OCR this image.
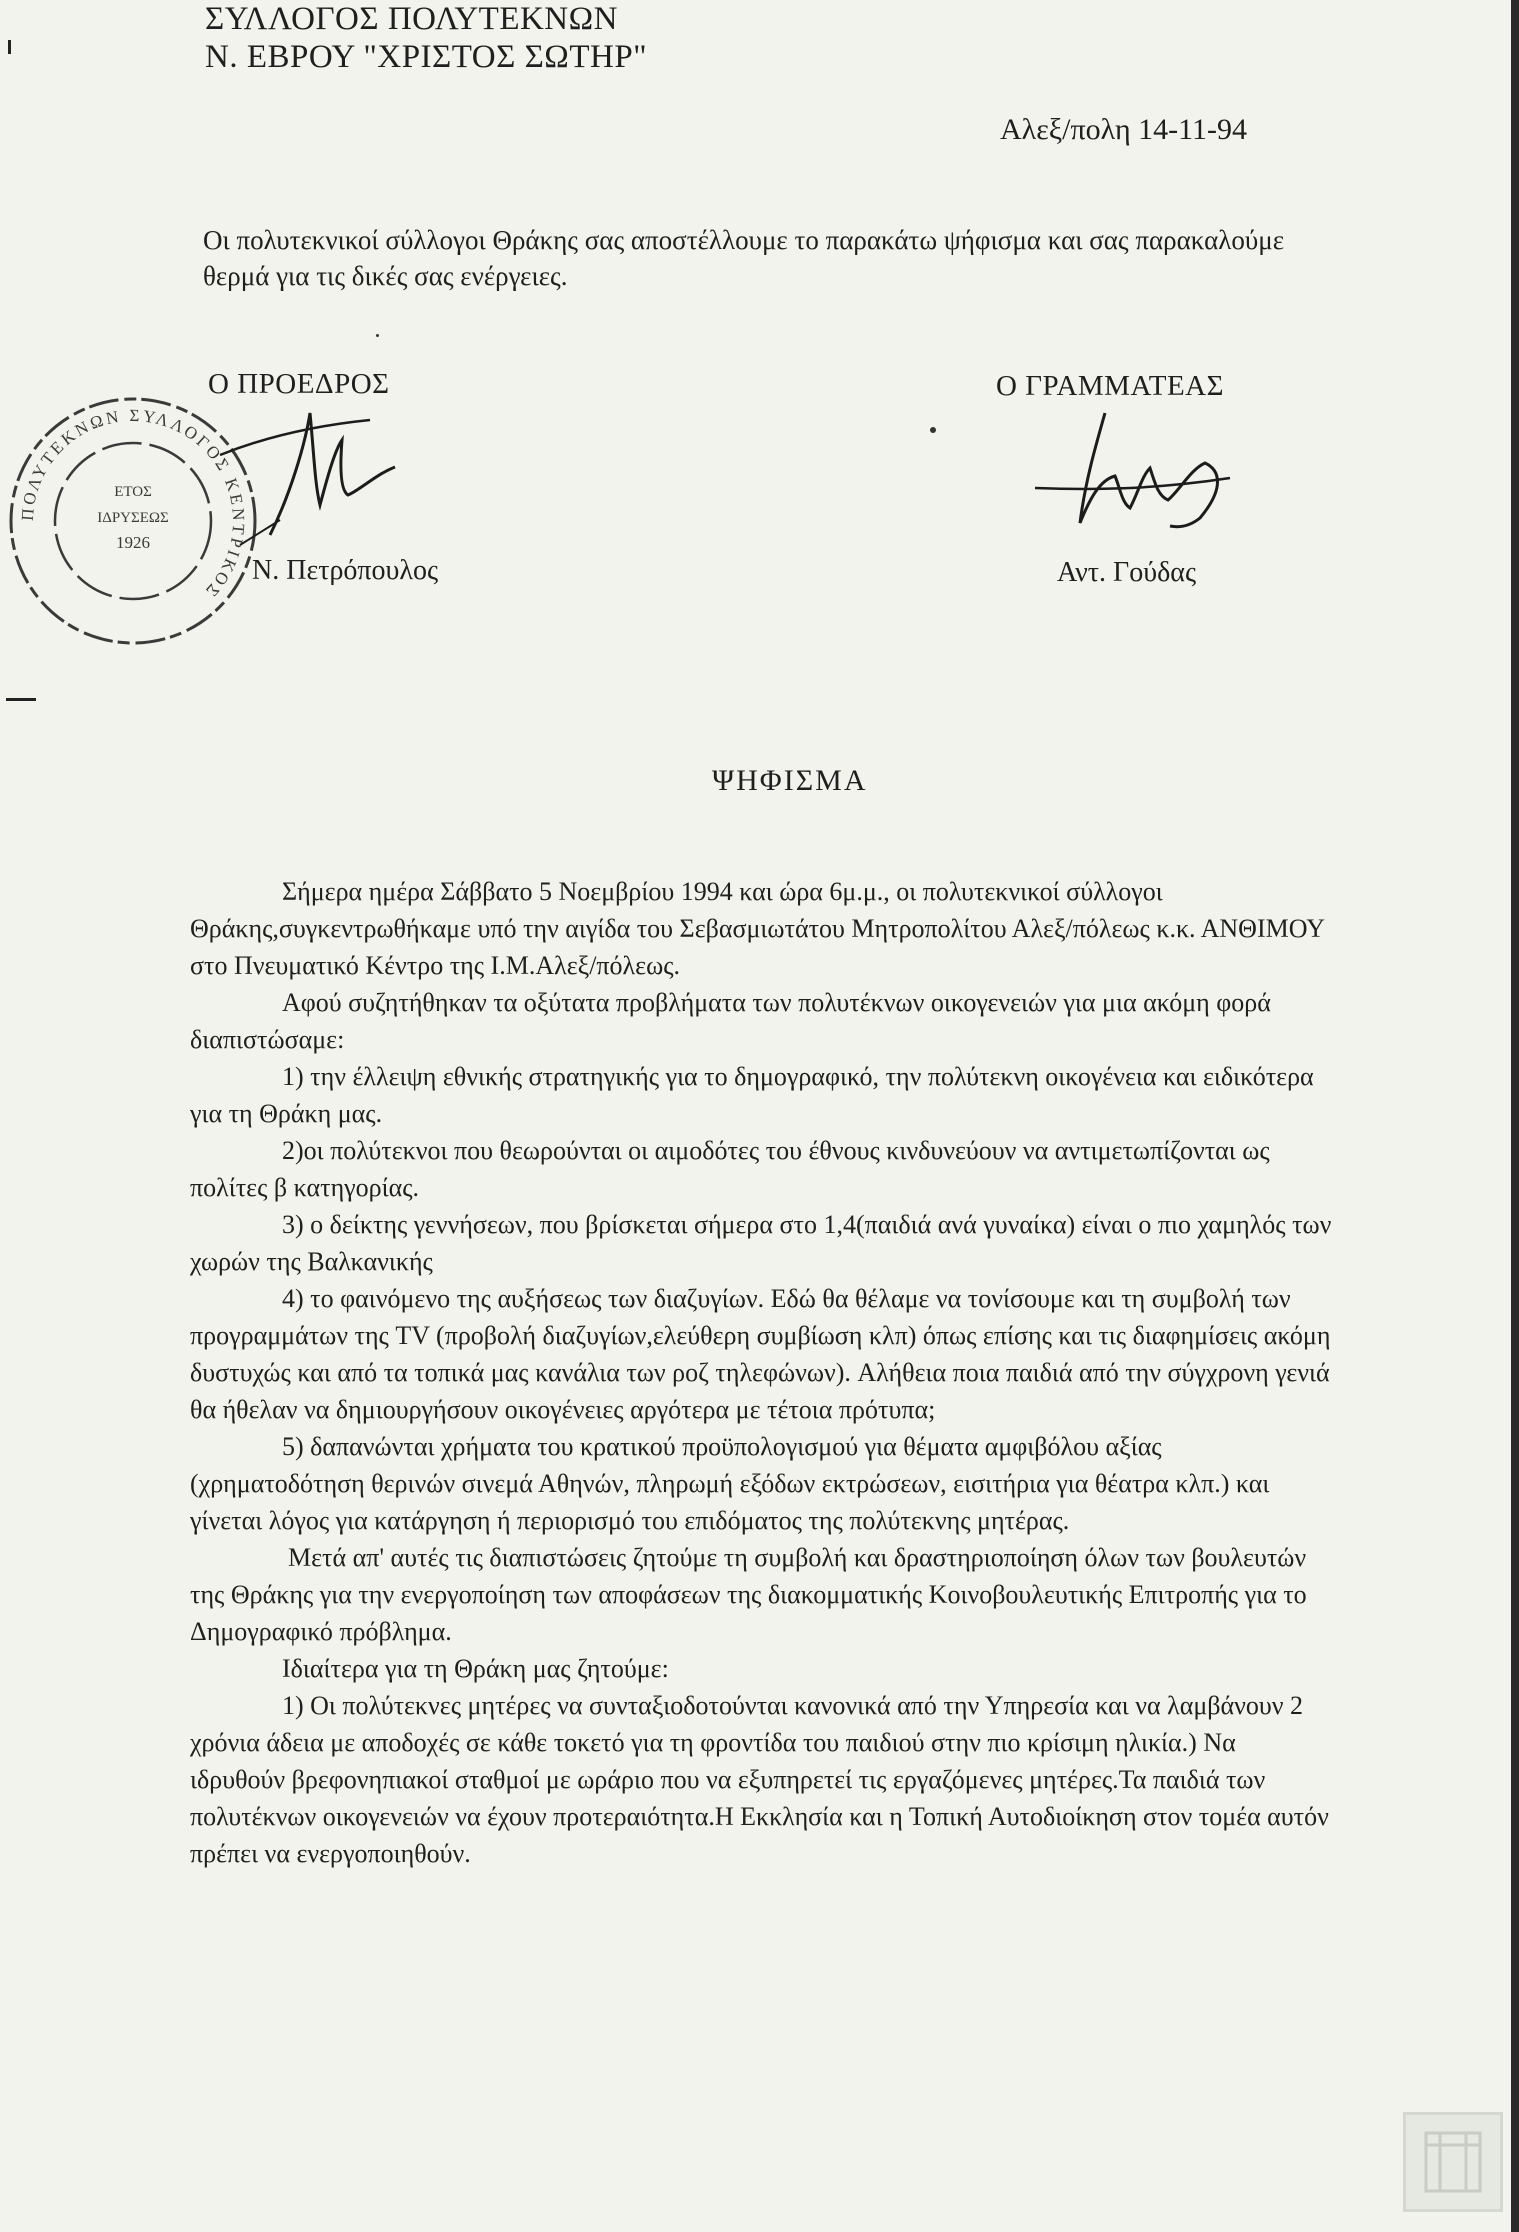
ΣΥΛΛΟΓΟΣ ΠΟΛΥΤΕΚΝΩΝ
Ν. ΕΒΡΟΥ "ΧΡΙΣΤΟΣ ΣΩΤΗΡ"
Αλεξ/πολη 14-11-94
Οι πολυτεκνικοί σύλλογοι Θράκης σας αποστέλλουμε το παρακάτω ψήφισμα και σας παρακαλούμε θερμά για τις δικές σας ενέργειες.
Ο ΠΡΟΕΔΡΟΣ	Ο ΓΡΑΜΜΑΤΕΑΣ
ΠΟΛΥΤΕΚΝΩΝ ΣΥΛΛΟΓΟΣ ΚΕΝΤΡΙΚΟΣ
ΕΤΟΣ
ΙΔΡΥΣΕΩΣ
1926
Ν. Πετρόπουλος	Αντ. Γούδας
ΨΗΦΙΣΜΑ

Σήμερα ημέρα Σάββατο 5 Νοεμβρίου 1994 και ώρα 6μ.μ., οι πολυτεκνικοί σύλλογοι Θράκης,συγκεντρωθήκαμε υπό την αιγίδα του Σεβασμιωτάτου Μητροπολίτου Αλεξ/πόλεως κ.κ. ΑΝΘΙΜΟΥ στο Πνευματικό Κέντρο της Ι.Μ.Αλεξ/πόλεως.

Αφού συζητήθηκαν τα οξύτατα προβλήματα των πολυτέκνων οικογενειών για μια ακόμη φορά διαπιστώσαμε:

1) την έλλειψη εθνικής στρατηγικής για το δημογραφικό, την πολύτεκνη οικογένεια και ειδικότερα για τη Θράκη μας.

2)οι πολύτεκνοι που θεωρούνται οι αιμοδότες του έθνους κινδυνεύουν να αντιμετωπίζονται ως πολίτες β κατηγορίας.

3) ο δείκτης γεννήσεων, που βρίσκεται σήμερα στο 1,4(παιδιά ανά γυναίκα) είναι ο πιο χαμηλός των χωρών της Βαλκανικής

4) το φαινόμενο της αυξήσεως των διαζυγίων. Εδώ θα θέλαμε να τονίσουμε και τη συμβολή των προγραμμάτων της TV (προβολή διαζυγίων,ελεύθερη συμβίωση κλπ) όπως επίσης και τις διαφημίσεις ακόμη δυστυχώς και από τα τοπικά μας κανάλια των ροζ τηλεφώνων). Αλήθεια ποια παιδιά από την σύγχρονη γενιά θα ήθελαν να δημιουργήσουν οικογένειες αργότερα με τέτοια πρότυπα;

5) δαπανώνται χρήματα του κρατικού προϋπολογισμού για θέματα αμφιβόλου αξίας (χρηματοδότηση θερινών σινεμά Αθηνών, πληρωμή εξόδων εκτρώσεων, εισιτήρια για θέατρα κλπ.) και γίνεται λόγος για κατάργηση ή περιορισμό του επιδόματος της πολύτεκνης μητέρας.

Μετά απ' αυτές τις διαπιστώσεις ζητούμε τη συμβολή και δραστηριοποίηση όλων των βουλευτών της Θράκης για την ενεργοποίηση των αποφάσεων της διακομματικής Κοινοβουλευτικής Επιτροπής για το Δημογραφικό πρόβλημα.

Ιδιαίτερα για τη Θράκη μας ζητούμε:

1) Οι πολύτεκνες μητέρες να συνταξιοδοτούνται κανονικά από την Υπηρεσία και να λαμβάνουν 2 χρόνια άδεια με αποδοχές σε κάθε τοκετό για τη φροντίδα του παιδιού στην πιο κρίσιμη ηλικία.) Να ιδρυθούν βρεφονηπιακοί σταθμοί με ωράριο που να εξυπηρετεί τις εργαζόμενες μητέρες.Τα παιδιά των πολυτέκνων οικογενειών να έχουν προτεραιότητα.Η Εκκλησία και η Τοπική Αυτοδιοίκηση στον τομέα αυτόν πρέπει να ενεργοποιηθούν.
